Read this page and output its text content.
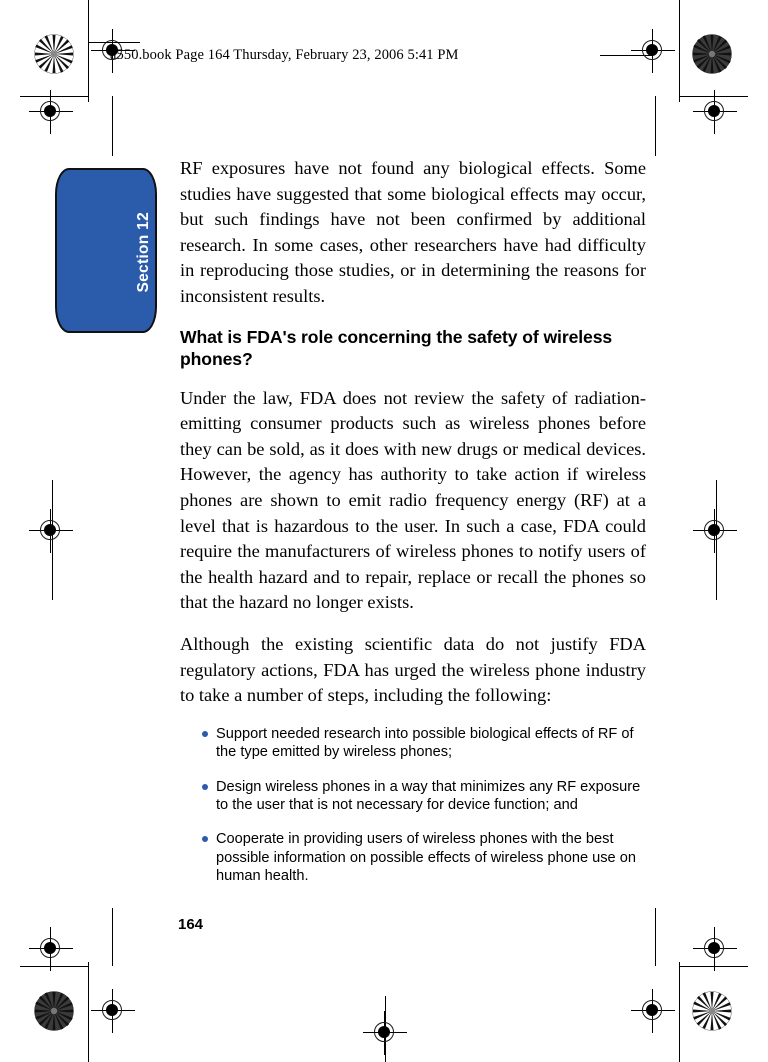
a550.book Page 164 Thursday, February 23, 2006 5:41 PM
Section 12

RF exposures have not found any biological effects. Some studies have suggested that some biological effects may occur, but such findings have not been confirmed by additional research. In some cases, other researchers have had difficulty in reproducing those studies, or in determining the reasons for inconsistent results.

What is FDA's role concerning the safety of wireless phones?

Under the law, FDA does not review the safety of radiation-emitting consumer products such as wireless phones before they can be sold, as it does with new drugs or medical devices. However, the agency has authority to take action if wireless phones are shown to emit radio frequency energy (RF) at a level that is hazardous to the user. In such a case, FDA could require the manufacturers of wireless phones to notify users of the health hazard and to repair, replace or recall the phones so that the hazard no longer exists.

Although the existing scientific data do not justify FDA regulatory actions, FDA has urged the wireless phone industry to take a number of steps, including the following:

Support needed research into possible biological effects of RF of the type emitted by wireless phones;
Design wireless phones in a way that minimizes any RF exposure to the user that is not necessary for device function; and
Cooperate in providing users of wireless phones with the best possible information on possible effects of wireless phone use on human health.
164
